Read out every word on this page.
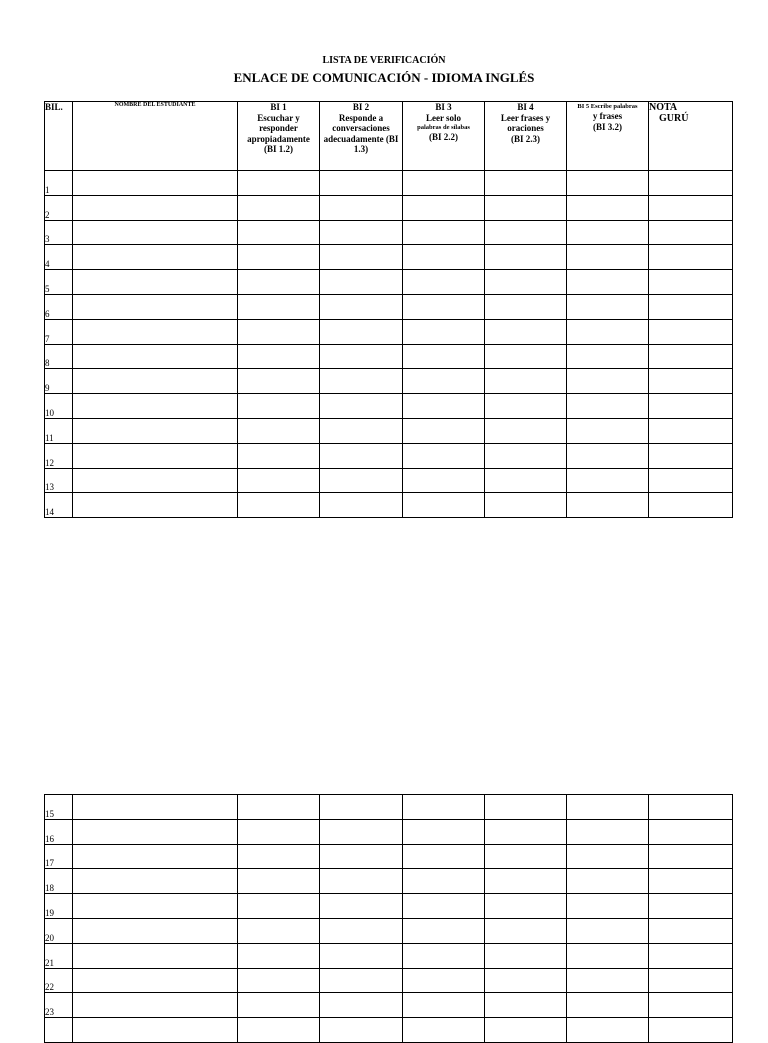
LISTA DE VERIFICACIÓN
ENLACE DE COMUNICACIÓN - IDIOMA INGLÉS
BIL.	NOMBRE DEL ESTUDIANTE	BI 1
Escuchar y
responder
apropiadamente
(BI 1.2)	BI 2
Responde a
conversaciones
adecuadamente (BI
1.3)	BI 3
Leer solo
palabras de sílabas
(BI 2.2)	BI 4
Leer frases y
oraciones
(BI 2.3)	BI 5 Escribe palabras
y frases
(BI 3.2)	NOTA
GURÚ

1							
2							
3							
4							
5							
6							
7							
8							
9							
10							
11							
12							
13							
14							
15							
16							
17							
18							
19							
20							
21							
22							
23							
